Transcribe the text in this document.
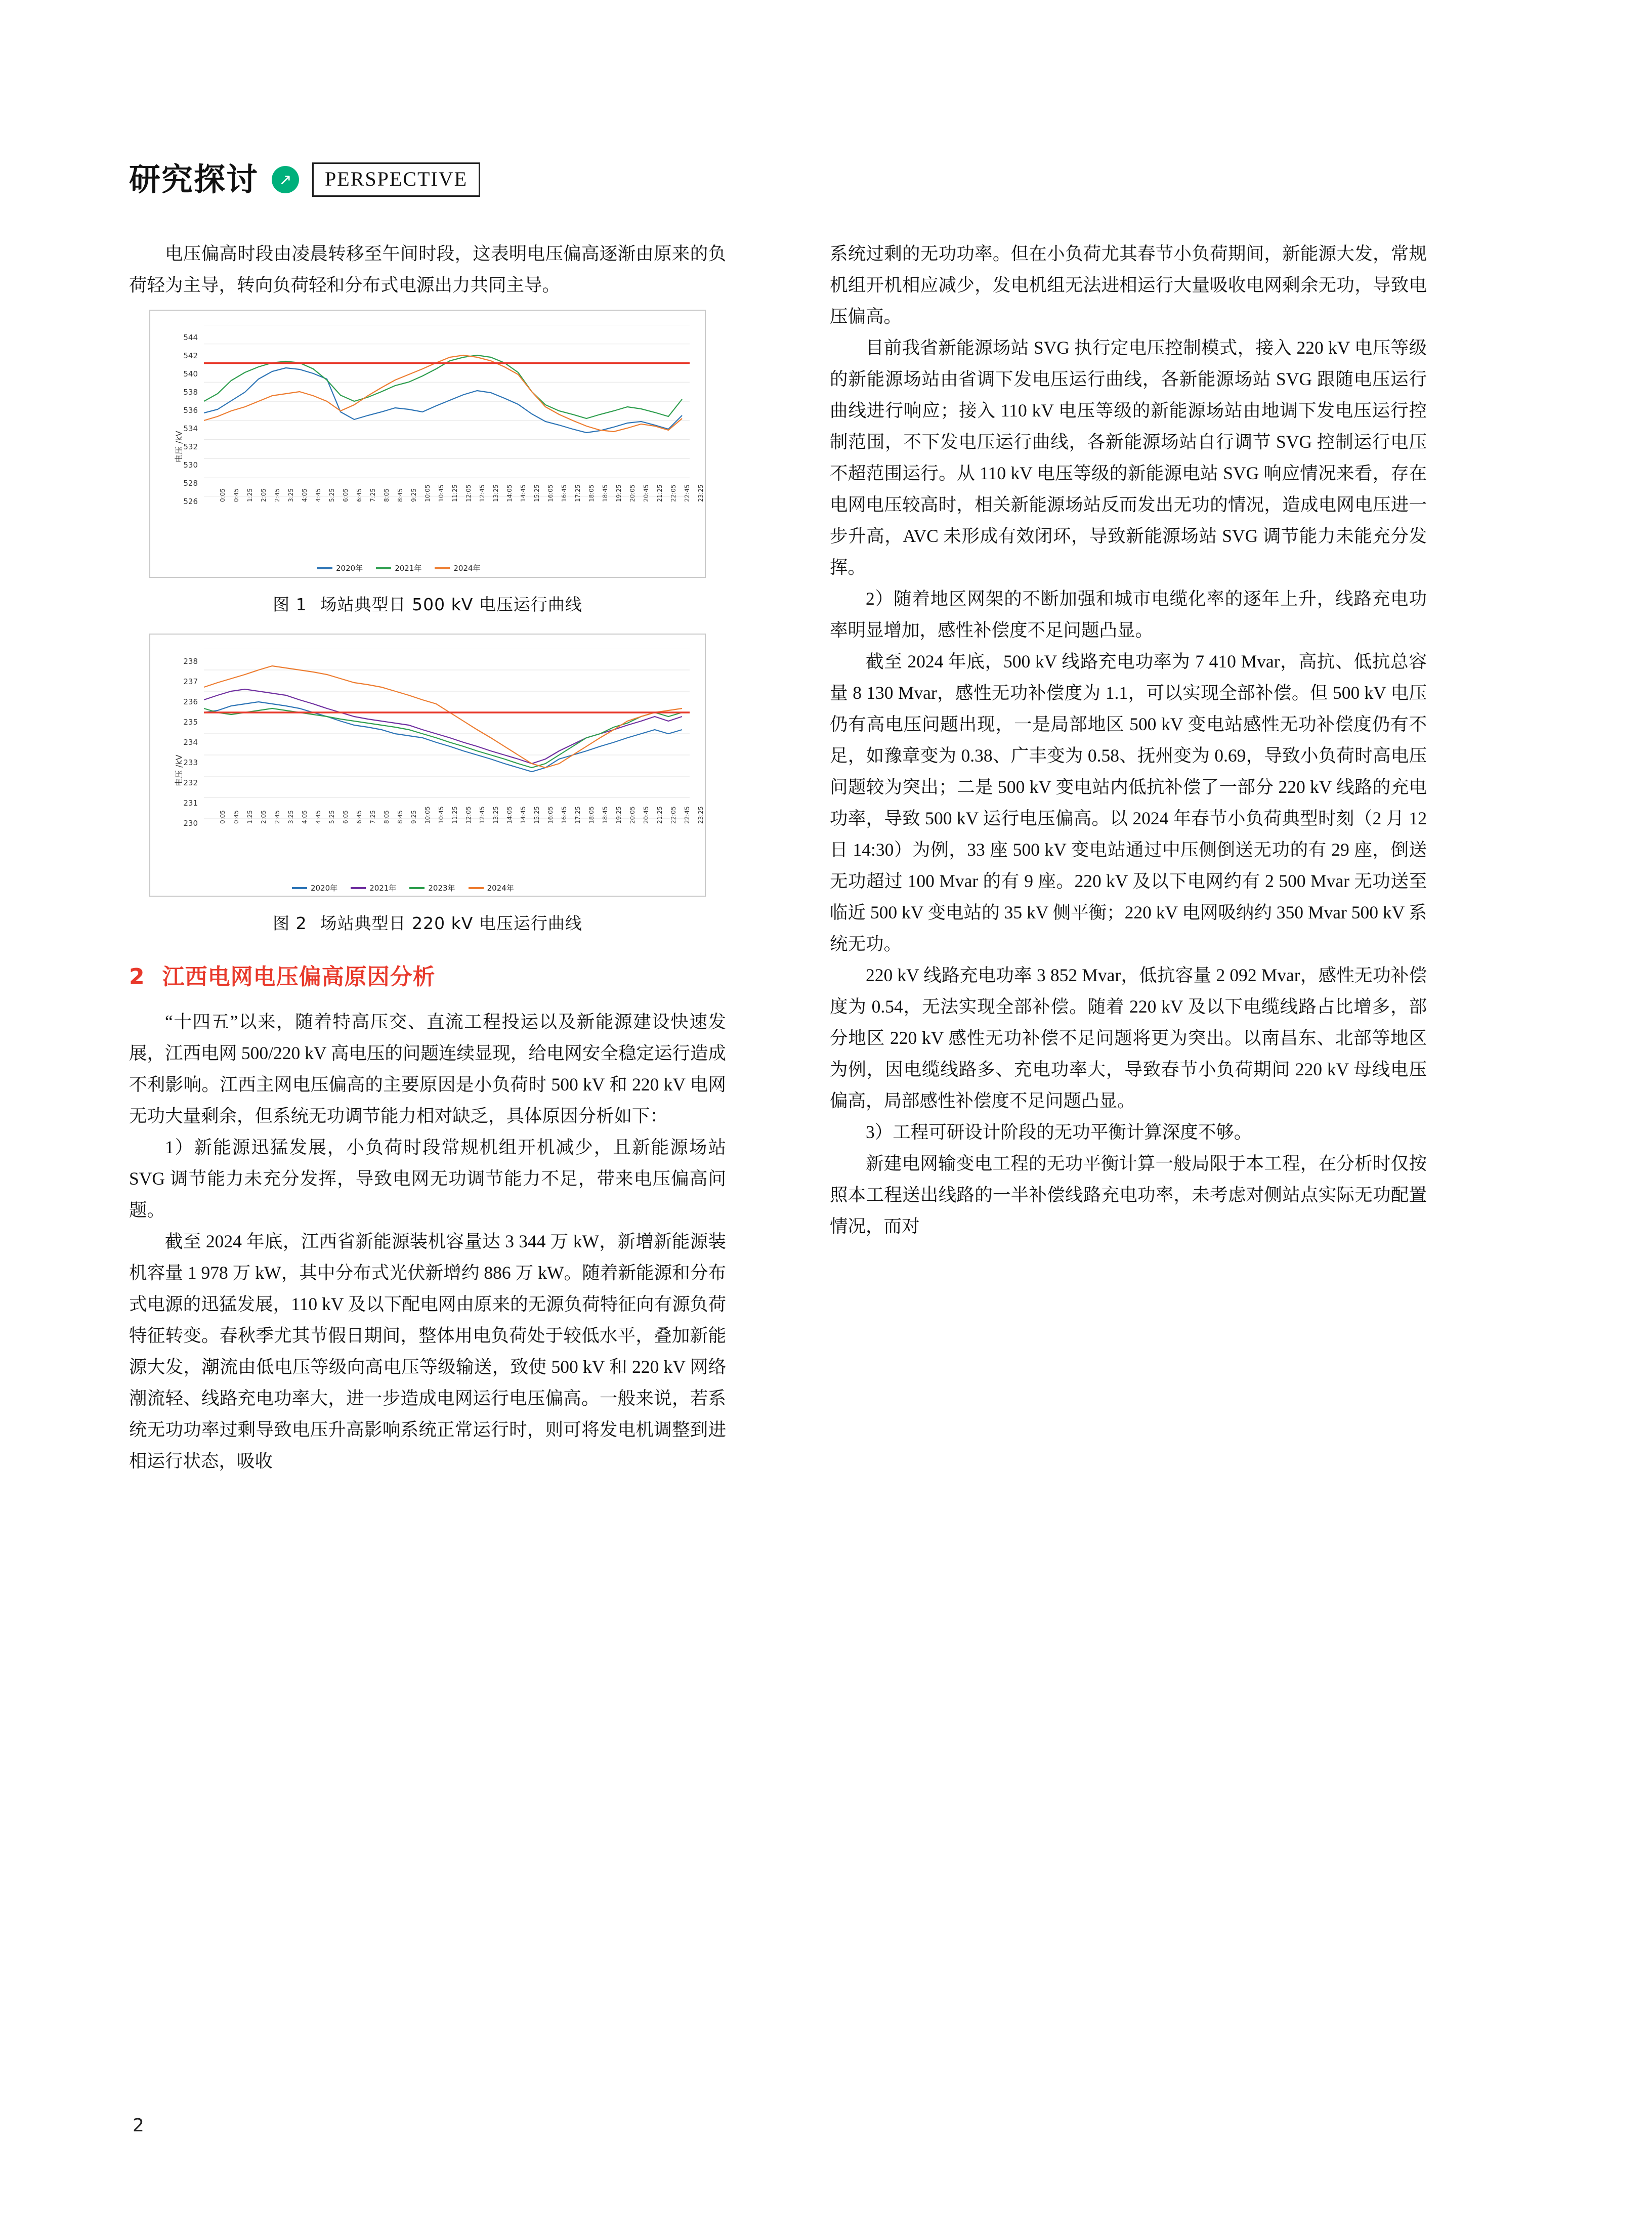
研究探讨	↗	PERSPECTIVE

电压偏高时段由凌晨转移至午间时段，这表明电压偏高逐渐由原来的负荷轻为主导，转向负荷轻和分布式电源出力共同主导。

电压 /kV
544
542
540
538
536
534
532
530
528
526	0:05	0:45	1:25	2:05	2:45	3:25	4:05	4:45	5:25	6:05	6:45	7:25	8:05	8:45	9:25	10:05	10:45	11:25	12:05	12:45	13:25	14:05	14:45	15:25	16:05	16:45	17:25	18:05	18:45	19:25	20:05	20:45	21:25	22:05	22:45	23:25
2020年	2021年	2024年
图 1 场站典型日 500 kV 电压运行曲线
电压 /kV
238
237
236
235
234
233
232
231
230	0:05	0:45	1:25	2:05	2:45	3:25	4:05	4:45	5:25	6:05	6:45	7:25	8:05	8:45	9:25	10:05	10:45	11:25	12:05	12:45	13:25	14:05	14:45	15:25	16:05	16:45	17:25	18:05	18:45	19:25	20:05	20:45	21:25	22:05	22:45	23:25
2020年	2021年	2023年	2024年
图 2 场站典型日 220 kV 电压运行曲线
2 江西电网电压偏高原因分析

“十四五”以来，随着特高压交、直流工程投运以及新能源建设快速发展，江西电网 500/220 kV 高电压的问题连续显现，给电网安全稳定运行造成不利影响。江西主网电压偏高的主要原因是小负荷时 500 kV 和 220 kV 电网无功大量剩余，但系统无功调节能力相对缺乏，具体原因分析如下：

1）新能源迅猛发展，小负荷时段常规机组开机减少，且新能源场站 SVG 调节能力未充分发挥，导致电网无功调节能力不足，带来电压偏高问题。

截至 2024 年底，江西省新能源装机容量达 3 344 万 kW，新增新能源装机容量 1 978 万 kW，其中分布式光伏新增约 886 万 kW。随着新能源和分布式电源的迅猛发展，110 kV 及以下配电网由原来的无源负荷特征向有源负荷特征转变。春秋季尤其节假日期间，整体用电负荷处于较低水平，叠加新能源大发，潮流由低电压等级向高电压等级输送，致使 500 kV 和 220 kV 网络潮流轻、线路充电功率大，进一步造成电网运行电压偏高。一般来说，若系统无功功率过剩导致电压升高影响系统正常运行时，则可将发电机调整到进相运行状态，吸收

系统过剩的无功功率。但在小负荷尤其春节小负荷期间，新能源大发，常规机组开机相应减少，发电机组无法进相运行大量吸收电网剩余无功，导致电压偏高。

目前我省新能源场站 SVG 执行定电压控制模式，接入 220 kV 电压等级的新能源场站由省调下发电压运行曲线，各新能源场站 SVG 跟随电压运行曲线进行响应；接入 110 kV 电压等级的新能源场站由地调下发电压运行控制范围，不下发电压运行曲线，各新能源场站自行调节 SVG 控制运行电压不超范围运行。从 110 kV 电压等级的新能源电站 SVG 响应情况来看，存在电网电压较高时，相关新能源场站反而发出无功的情况，造成电网电压进一步升高，AVC 未形成有效闭环，导致新能源场站 SVG 调节能力未能充分发挥。

2）随着地区网架的不断加强和城市电缆化率的逐年上升，线路充电功率明显增加，感性补偿度不足问题凸显。

截至 2024 年底，500 kV 线路充电功率为 7 410 Mvar，高抗、低抗总容量 8 130 Mvar，感性无功补偿度为 1.1，可以实现全部补偿。但 500 kV 电压仍有高电压问题出现，一是局部地区 500 kV 变电站感性无功补偿度仍有不足，如豫章变为 0.38、广丰变为 0.58、抚州变为 0.69，导致小负荷时高电压问题较为突出；二是 500 kV 变电站内低抗补偿了一部分 220 kV 线路的充电功率，导致 500 kV 运行电压偏高。以 2024 年春节小负荷典型时刻（2 月 12 日 14:30）为例，33 座 500 kV 变电站通过中压侧倒送无功的有 29 座，倒送无功超过 100 Mvar 的有 9 座。220 kV 及以下电网约有 2 500 Mvar 无功送至临近 500 kV 变电站的 35 kV 侧平衡；220 kV 电网吸纳约 350 Mvar 500 kV 系统无功。

220 kV 线路充电功率 3 852 Mvar，低抗容量 2 092 Mvar，感性无功补偿度为 0.54，无法实现全部补偿。随着 220 kV 及以下电缆线路占比增多，部分地区 220 kV 感性无功补偿不足问题将更为突出。以南昌东、北部等地区为例，因电缆线路多、充电功率大，导致春节小负荷期间 220 kV 母线电压偏高，局部感性补偿度不足问题凸显。

3）工程可研设计阶段的无功平衡计算深度不够。

新建电网输变电工程的无功平衡计算一般局限于本工程，在分析时仅按照本工程送出线路的一半补偿线路充电功率，未考虑对侧站点实际无功配置情况，而对

2
